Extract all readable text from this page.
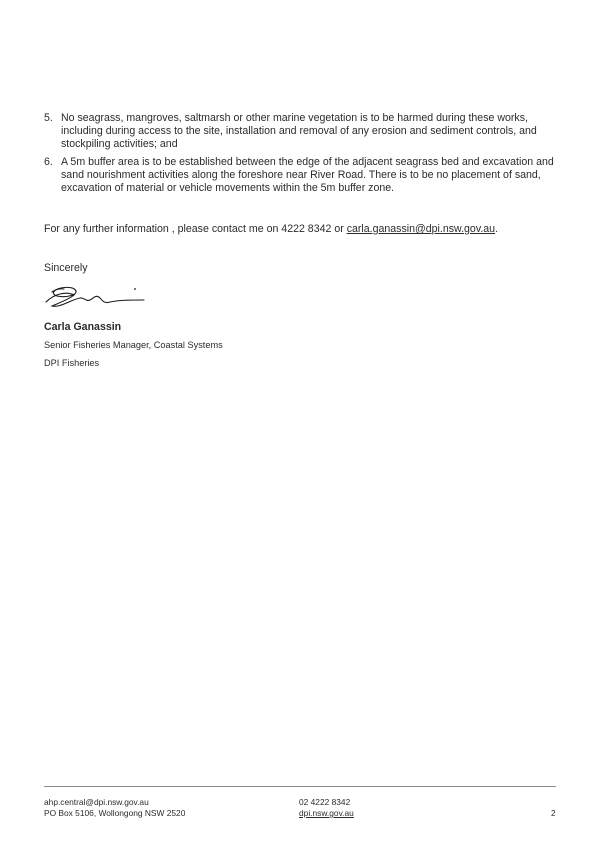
5. No seagrass, mangroves, saltmarsh or other marine vegetation is to be harmed during these works, including during access to the site, installation and removal of any erosion and sediment controls, and stockpiling activities; and
6. A 5m buffer area is to be established between the edge of the adjacent seagrass bed and excavation and sand nourishment activities along the foreshore near River Road. There is to be no placement of sand, excavation of material or vehicle movements within the 5m buffer zone.
For any further information , please contact me on 4222 8342 or carla.ganassin@dpi.nsw.gov.au.
Sincerely
Carla Ganassin
Senior Fisheries Manager, Coastal Systems
DPI Fisheries
ahp.central@dpi.nsw.gov.au
PO Box 5106, Wollongong NSW 2520
02 4222 8342
dpi.nsw.gov.au	2
